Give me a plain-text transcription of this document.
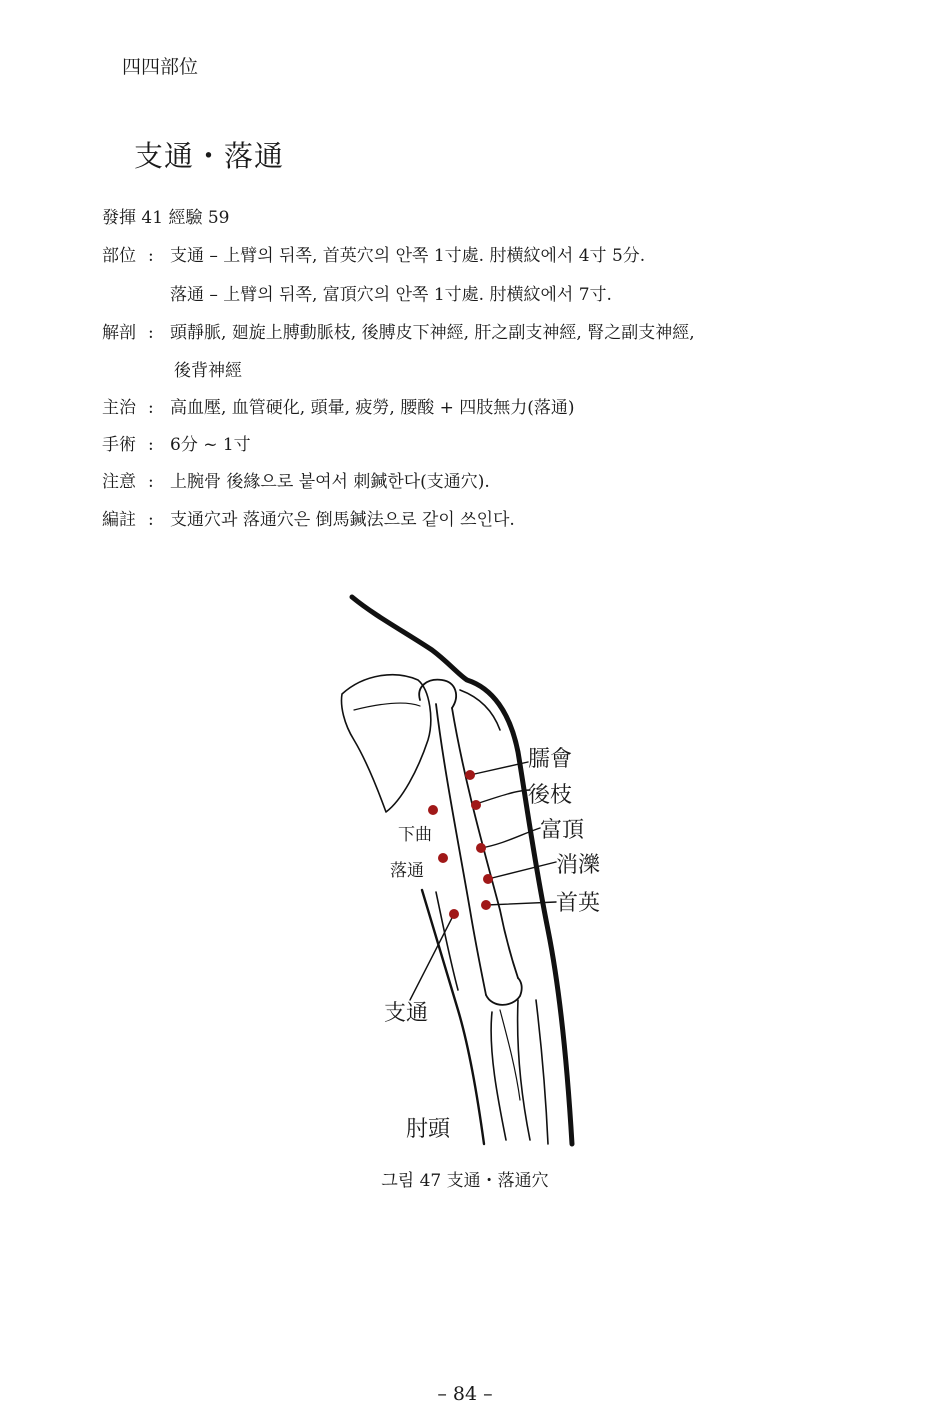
四四部位
支通・落通
發揮 41 經驗 59
部位 : 支通 – 上臂의 뒤쪽, 首英穴의 안쪽 1寸處. 肘横紋에서 4寸 5分.
落通 – 上臂의 뒤쪽, 富頂穴의 안쪽 1寸處. 肘横紋에서 7寸.
解剖 : 頭靜脈, 廻旋上膊動脈枝, 後膊皮下神經, 肝之副支神經, 腎之副支神經,
後背神經
主治 : 高血壓, 血管硬化, 頭暈, 疲勞, 腰酸 + 四肢無力(落通)
手術 : 6分 ~ 1寸
注意 : 上腕骨 後緣으로 붙여서 刺鍼한다(支通穴).
編註 : 支通穴과 落通穴은 倒馬鍼法으로 같이 쓰인다.
臑會
後枝
富頂
消濼
首英
下曲
落通
支通
肘頭
그림 47 支通・落通穴
– 84 –
